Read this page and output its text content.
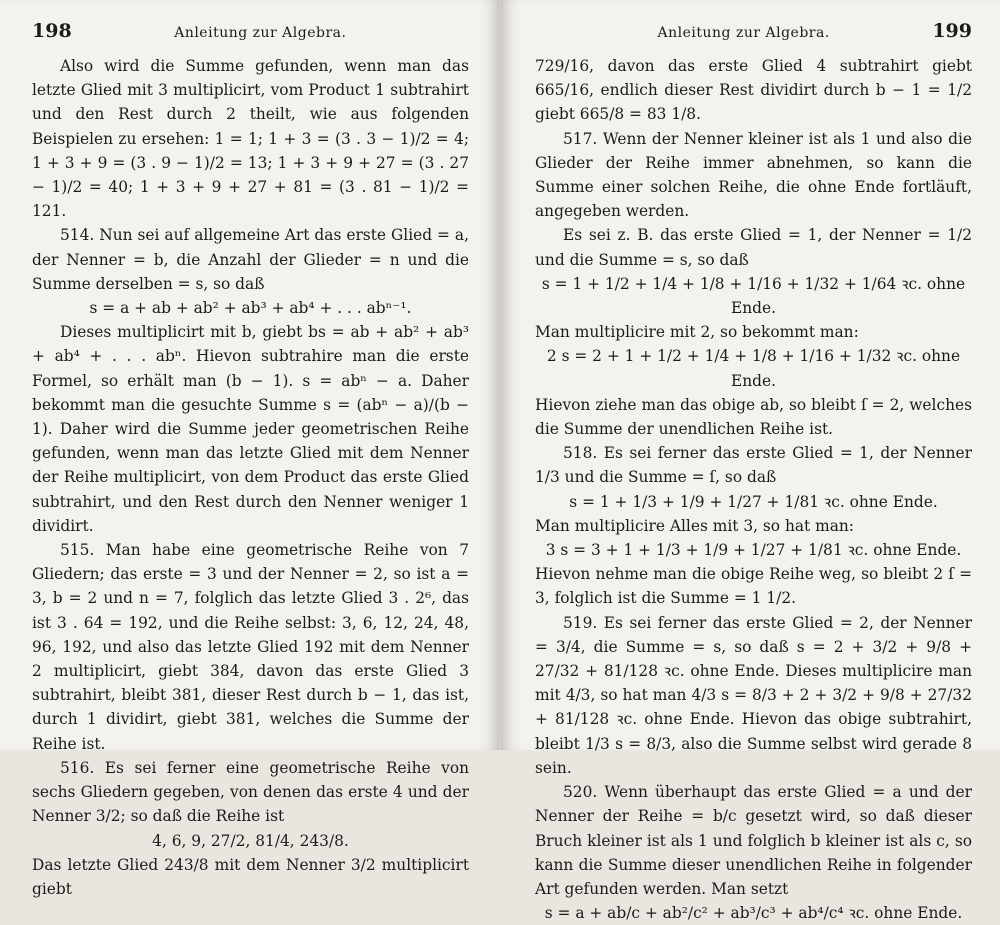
198	Anleitung zur Algebra.

Also wird die Summe gefunden, wenn man das letzte Glied mit 3 multiplicirt, vom Product 1 subtrahirt und den Rest durch 2 theilt, wie aus folgenden Beispielen zu ersehen: 1 = 1; 1 + 3 = (3 . 3 − 1)/2 = 4; 1 + 3 + 9 = (3 . 9 − 1)/2 = 13; 1 + 3 + 9 + 27 = (3 . 27 − 1)/2 = 40; 1 + 3 + 9 + 27 + 81 = (3 . 81 − 1)/2 = 121.

514. Nun sei auf allgemeine Art das erste Glied = a, der Nenner = b, die Anzahl der Glieder = n und die Summe derselben = s, so daß

s = a + ab + ab² + ab³ + ab⁴ + . . . abⁿ⁻¹.

Dieses multiplicirt mit b, giebt bs = ab + ab² + ab³ + ab⁴ + . . . abⁿ. Hievon subtrahire man die erste Formel, so erhält man (b − 1). s = abⁿ − a. Daher bekommt man die gesuchte Summe s = (abⁿ − a)/(b − 1). Daher wird die Summe jeder geometrischen Reihe gefunden, wenn man das letzte Glied mit dem Nenner der Reihe multiplicirt, von dem Product das erste Glied subtrahirt, und den Rest durch den Nenner weniger 1 dividirt.

515. Man habe eine geometrische Reihe von 7 Gliedern; das erste = 3 und der Nenner = 2, so ist a = 3, b = 2 und n = 7, folglich das letzte Glied 3 . 2⁶, das ist 3 . 64 = 192, und die Reihe selbst: 3, 6, 12, 24, 48, 96, 192, und also das letzte Glied 192 mit dem Nenner 2 multiplicirt, giebt 384, davon das erste Glied 3 subtrahirt, bleibt 381, dieser Rest durch b − 1, das ist, durch 1 dividirt, giebt 381, welches die Summe der Reihe ist.

516. Es sei ferner eine geometrische Reihe von sechs Gliedern gegeben, von denen das erste 4 und der Nenner 3/2; so daß die Reihe ist

4, 6, 9, 27/2, 81/4, 243/8.

Das letzte Glied 243/8 mit dem Nenner 3/2 multiplicirt giebt

Anleitung zur Algebra.	199

729/16, davon das erste Glied 4 subtrahirt giebt 665/16, endlich dieser Rest dividirt durch b − 1 = 1/2 giebt 665/8 = 83 1/8.

517. Wenn der Nenner kleiner ist als 1 und also die Glieder der Reihe immer abnehmen, so kann die Summe einer solchen Reihe, die ohne Ende fortläuft, angegeben werden.

Es sei z. B. das erste Glied = 1, der Nenner = 1/2 und die Summe = s, so daß

s = 1 + 1/2 + 1/4 + 1/8 + 1/16 + 1/32 + 1/64 ꝛc. ohne Ende.

Man multiplicire mit 2, so bekommt man:

2 s = 2 + 1 + 1/2 + 1/4 + 1/8 + 1/16 + 1/32 ꝛc. ohne Ende.

Hievon ziehe man das obige ab, so bleibt ſ = 2, welches die Summe der unendlichen Reihe ist.

518. Es sei ferner das erste Glied = 1, der Nenner 1/3 und die Summe = ſ, so daß

s = 1 + 1/3 + 1/9 + 1/27 + 1/81 ꝛc. ohne Ende.

Man multiplicire Alles mit 3, so hat man:

3 s = 3 + 1 + 1/3 + 1/9 + 1/27 + 1/81 ꝛc. ohne Ende.

Hievon nehme man die obige Reihe weg, so bleibt 2 ſ = 3, folglich ist die Summe = 1 1/2.

519. Es sei ferner das erste Glied = 2, der Nenner = 3/4, die Summe = s, so daß s = 2 + 3/2 + 9/8 + 27/32 + 81/128 ꝛc. ohne Ende. Dieses multiplicire man mit 4/3, so hat man 4/3 s = 8/3 + 2 + 3/2 + 9/8 + 27/32 + 81/128 ꝛc. ohne Ende. Hievon das obige subtrahirt, bleibt 1/3 s = 8/3, also die Summe selbst wird gerade 8 sein.

520. Wenn überhaupt das erste Glied = a und der Nenner der Reihe = b/c gesetzt wird, so daß dieser Bruch kleiner ist als 1 und folglich b kleiner ist als c, so kann die Summe dieser unendlichen Reihe in folgender Art gefunden werden. Man setzt

s = a + ab/c + ab²/c² + ab³/c³ + ab⁴/c⁴ ꝛc. ohne Ende.
